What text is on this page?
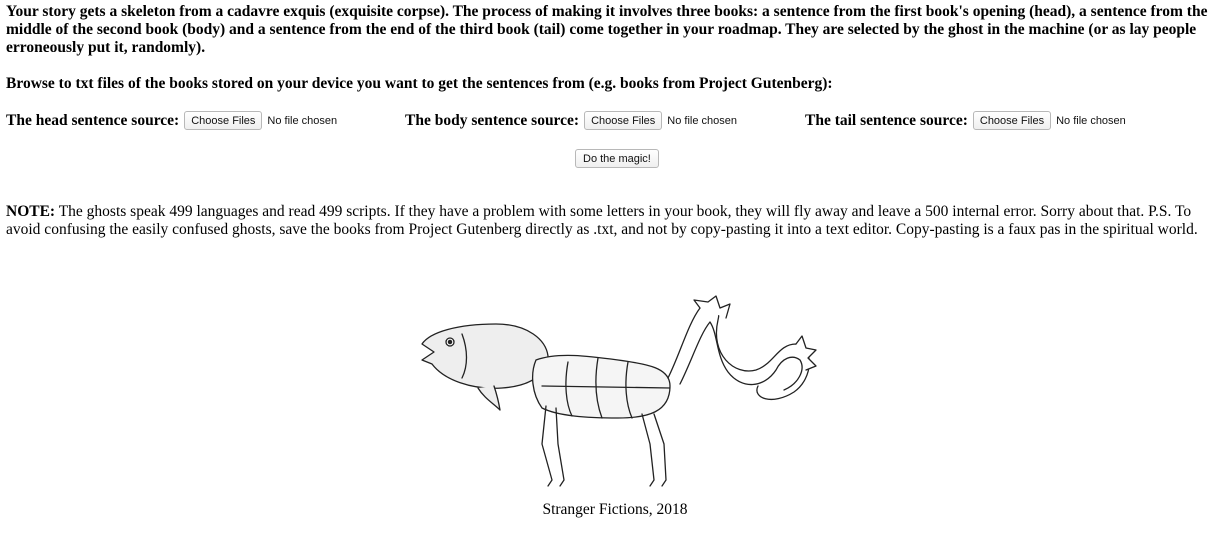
Your story gets a skeleton from a cadavre exquis (exquisite corpse). The process of making it involves three books: a sentence from the first book's opening (head), a sentence from the middle of the second book (body) and a sentence from the end of the third book (tail) come together in your roadmap. They are selected by the ghost in the machine (or as lay people erroneously put it, randomly).

Browse to txt files of the books stored on your device you want to get the sentences from (e.g. books from Project Gutenberg):

The head sentence source:	Choose Files	No file chosen	The body sentence source:	Choose Files	No file chosen	The tail sentence source:	Choose Files	No file chosen
Do the magic!

NOTE: The ghosts speak 499 languages and read 499 scripts. If they have a problem with some letters in your book, they will fly away and leave a 500 internal error. Sorry about that. P.S. To avoid confusing the easily confused ghosts, save the books from Project Gutenberg directly as .txt, and not by copy-pasting it into a text editor. Copy-pasting is a faux pas in the spiritual world.

Stranger Fictions, 2018
